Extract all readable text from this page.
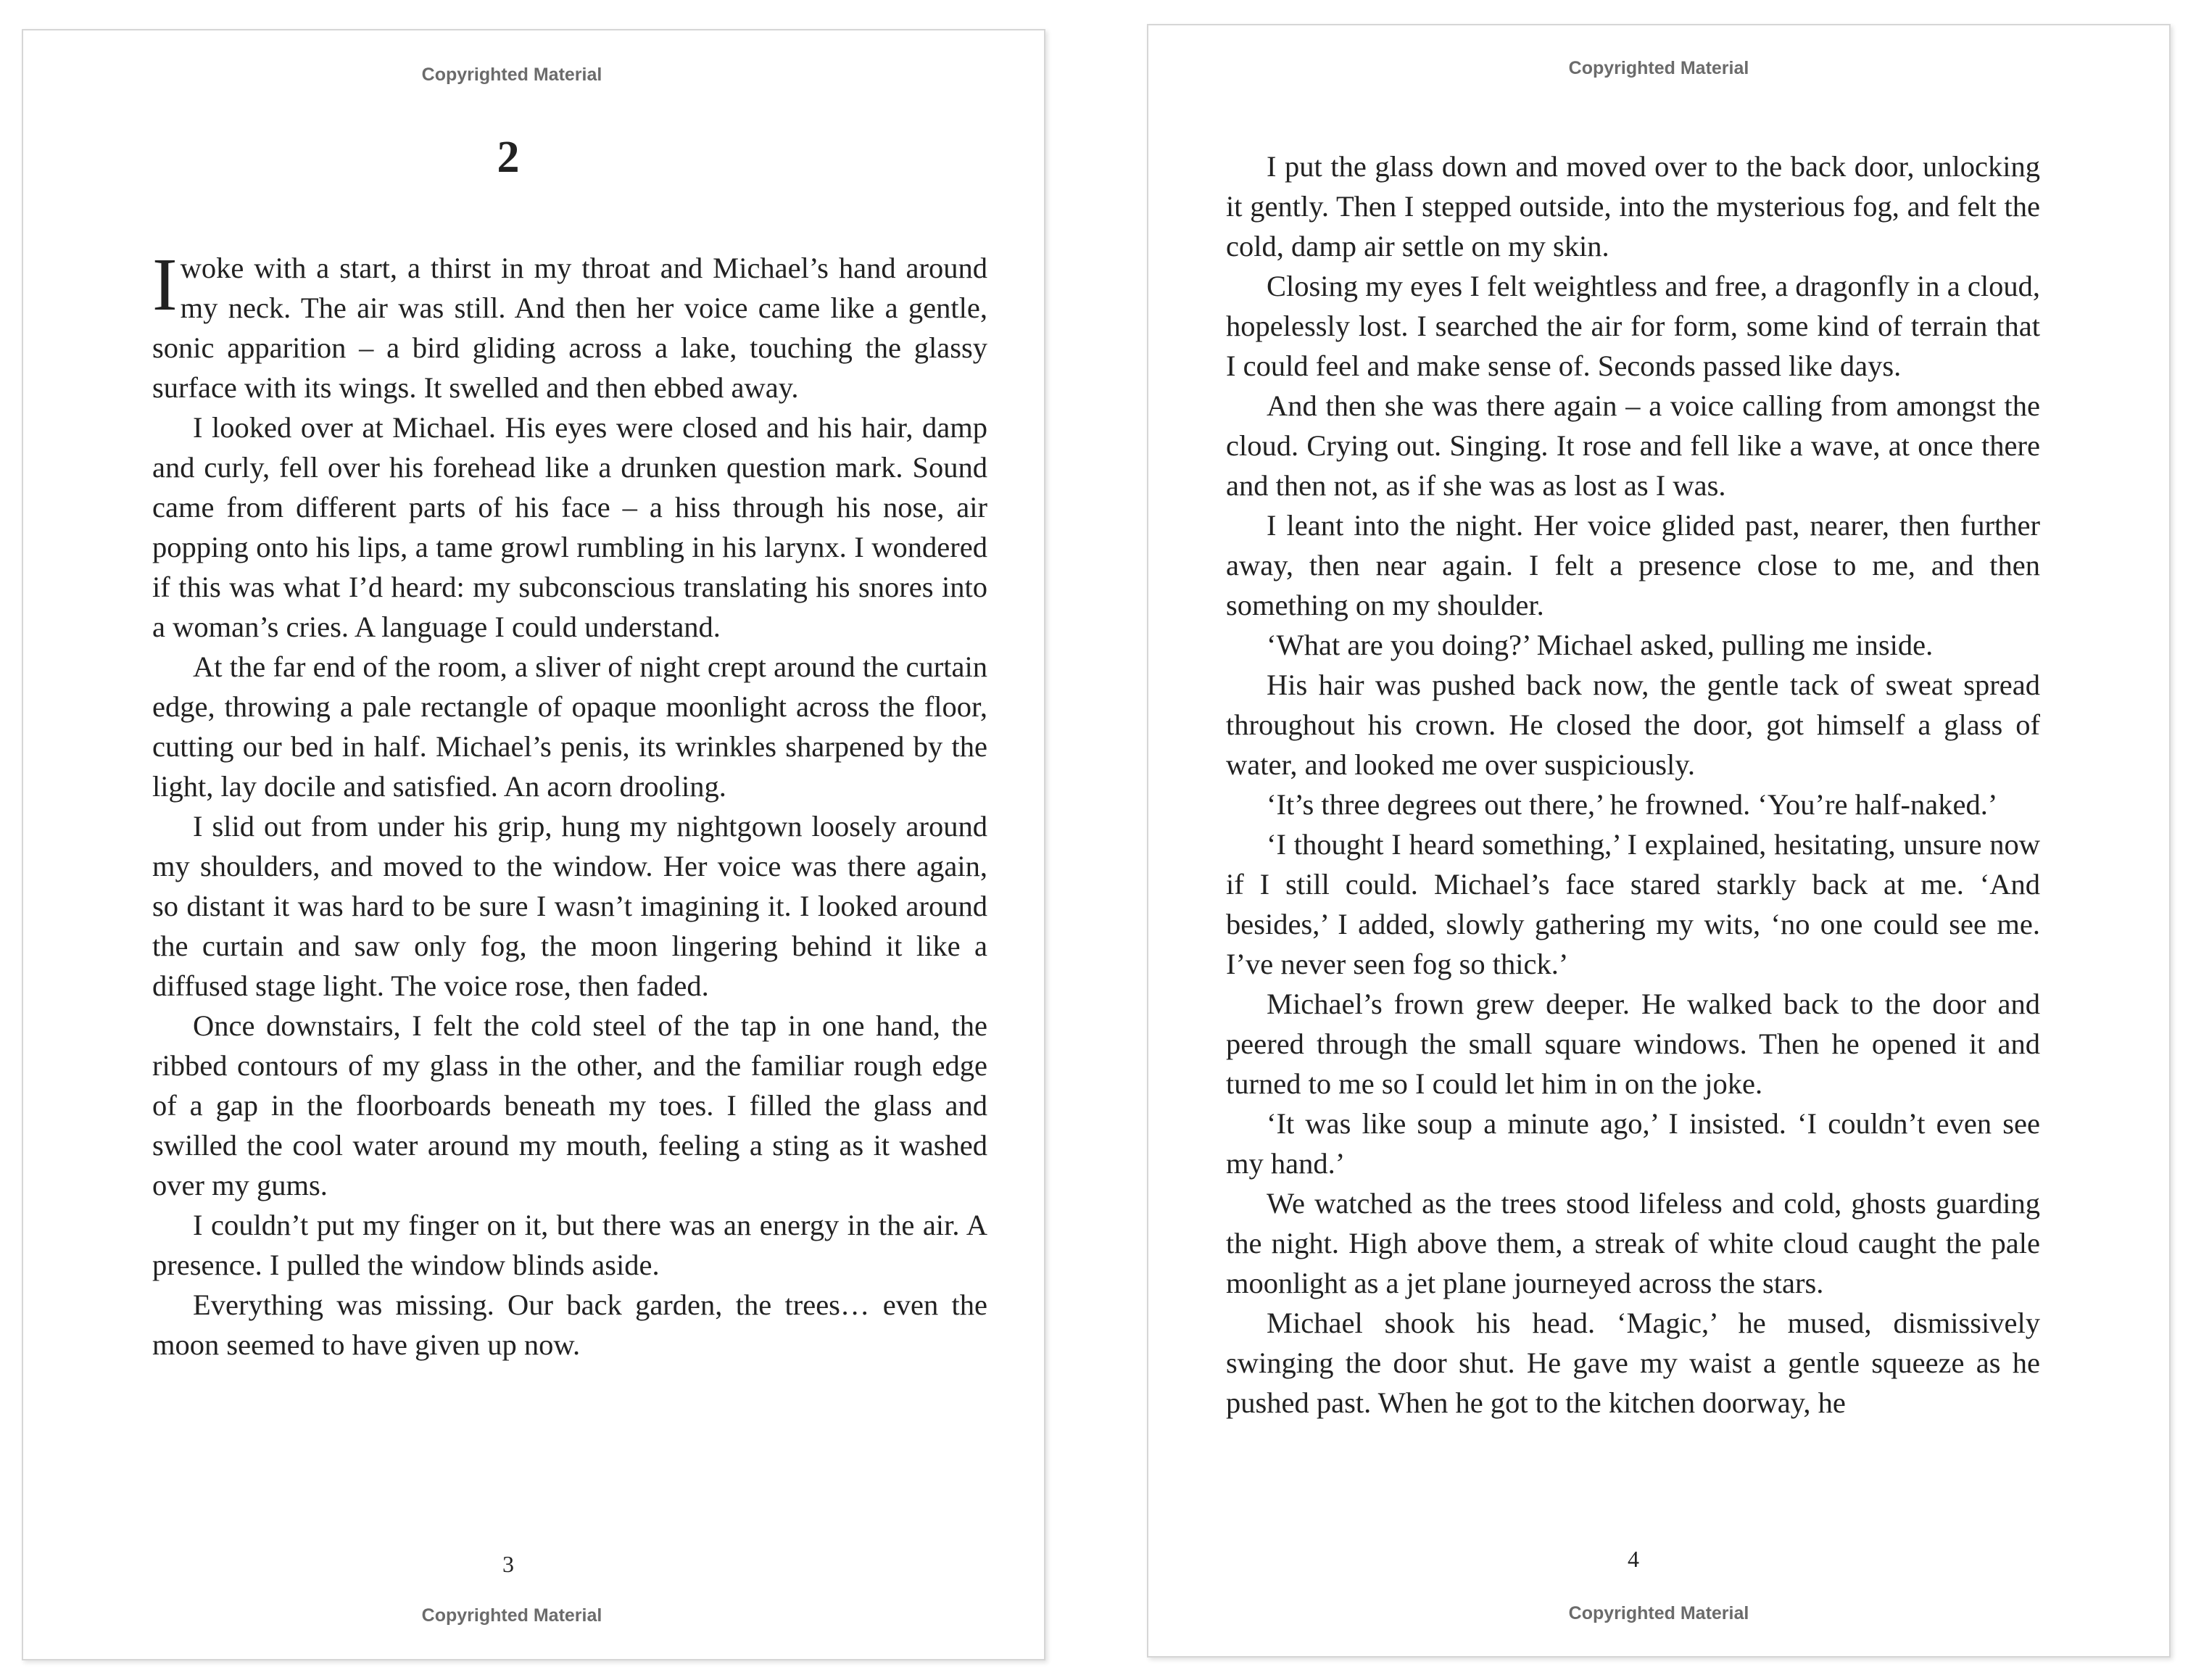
Copyrighted Material
2

Iwoke with a start, a thirst in my throat and Michael’s hand around my neck. The air was still. And then her voice came like a gentle, sonic apparition – a bird gliding across a lake, touching the glassy surface with its wings. It swelled and then ebbed away.

I looked over at Michael. His eyes were closed and his hair, damp and curly, fell over his forehead like a drunken question mark. Sound came from different parts of his face – a hiss through his nose, air popping onto his lips, a tame growl rumbling in his larynx. I wondered if this was what I’d heard: my subconscious translating his snores into a woman’s cries. A language I could understand.

At the far end of the room, a sliver of night crept around the curtain edge, throwing a pale rectangle of opaque moonlight across the floor, cutting our bed in half. Michael’s penis, its wrinkles sharpened by the light, lay docile and satisfied. An acorn drooling.

I slid out from under his grip, hung my nightgown loosely around my shoulders, and moved to the window. Her voice was there again, so distant it was hard to be sure I wasn’t imagining it. I looked around the curtain and saw only fog, the moon lingering behind it like a diffused stage light. The voice rose, then faded.

Once downstairs, I felt the cold steel of the tap in one hand, the ribbed contours of my glass in the other, and the familiar rough edge of a gap in the floorboards beneath my toes. I filled the glass and swilled the cool water around my mouth, feeling a sting as it washed over my gums.

I couldn’t put my finger on it, but there was an energy in the air. A presence. I pulled the window blinds aside.

Everything was missing. Our back garden, the trees… even the moon seemed to have given up now.

3
Copyrighted Material
Copyrighted Material

I put the glass down and moved over to the back door, unlocking it gently. Then I stepped outside, into the mysterious fog, and felt the cold, damp air settle on my skin.

Closing my eyes I felt weightless and free, a dragonfly in a cloud, hopelessly lost. I searched the air for form, some kind of terrain that I could feel and make sense of. Seconds passed like days.

And then she was there again – a voice calling from amongst the cloud. Crying out. Singing. It rose and fell like a wave, at once there and then not, as if she was as lost as I was.

I leant into the night. Her voice glided past, nearer, then further away, then near again. I felt a presence close to me, and then something on my shoulder.

‘What are you doing?’ Michael asked, pulling me inside.

His hair was pushed back now, the gentle tack of sweat spread throughout his crown. He closed the door, got himself a glass of water, and looked me over suspiciously.

‘It’s three degrees out there,’ he frowned. ‘You’re half-naked.’

‘I thought I heard something,’ I explained, hesitating, unsure now if I still could. Michael’s face stared starkly back at me. ‘And besides,’ I added, slowly gathering my wits, ‘no one could see me. I’ve never seen fog so thick.’

Michael’s frown grew deeper. He walked back to the door and peered through the small square windows. Then he opened it and turned to me so I could let him in on the joke.

‘It was like soup a minute ago,’ I insisted. ‘I couldn’t even see my hand.’

We watched as the trees stood lifeless and cold, ghosts guarding the night. High above them, a streak of white cloud caught the pale moonlight as a jet plane journeyed across the stars.

Michael shook his head. ‘Magic,’ he mused, dismissively swinging the door shut. He gave my waist a gentle squeeze as he pushed past. When he got to the kitchen doorway, he

4
Copyrighted Material
